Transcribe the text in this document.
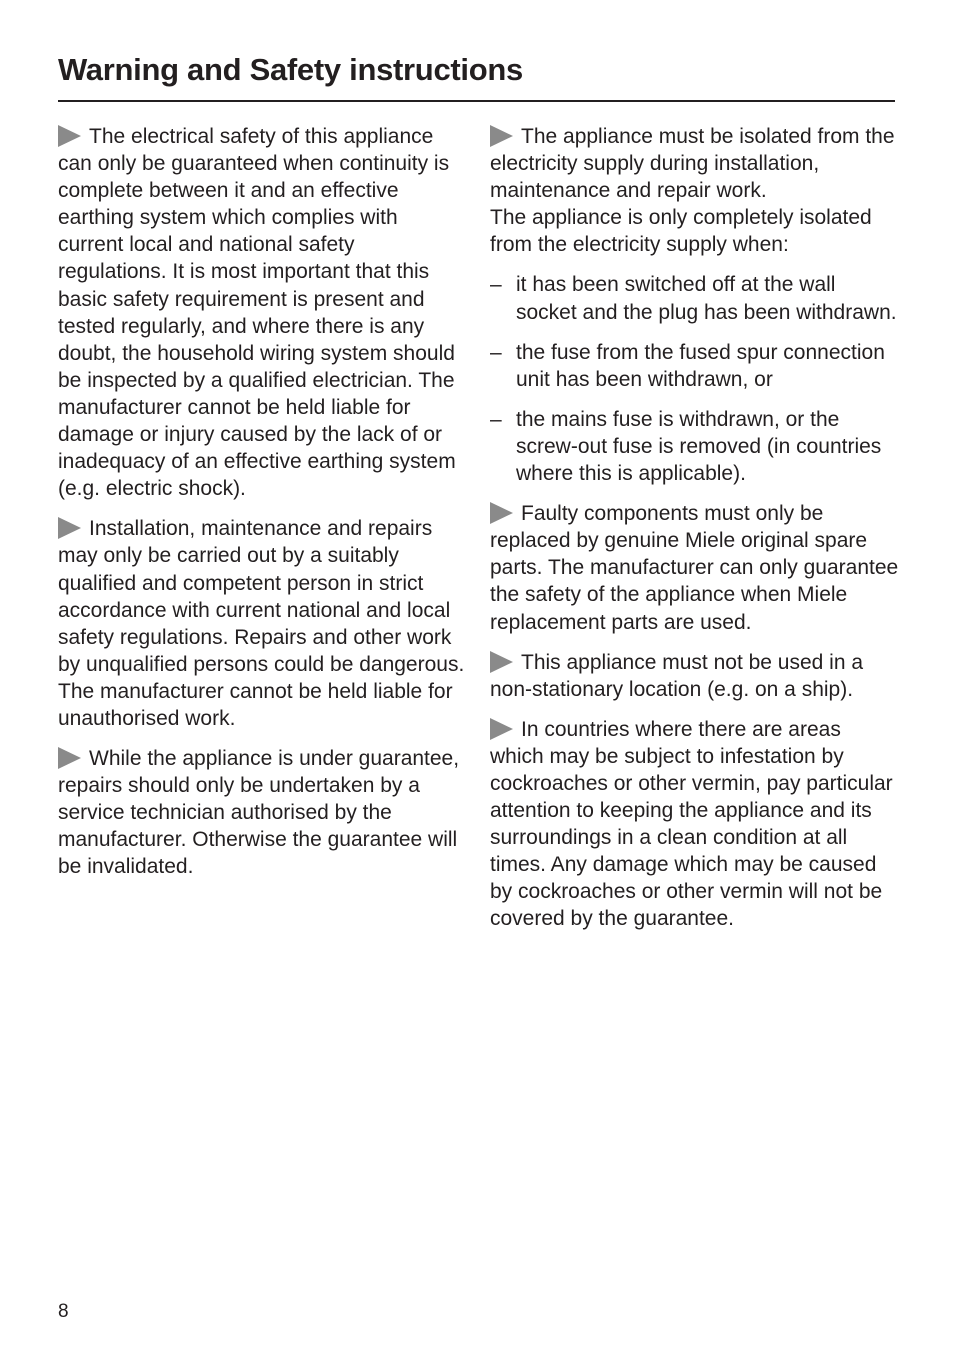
Warning and Safety instructions

The electrical safety of this appliance can only be guaranteed when continuity is complete between it and an effective earthing system which complies with current local and national safety regulations. It is most important that this basic safety requirement is present and tested regularly, and where there is any doubt, the household wiring system should be inspected by a qualified electrician. The manufacturer cannot be held liable for damage or injury caused by the lack of or inadequacy of an effective earthing system (e.g. electric shock).

Installation, maintenance and repairs may only be carried out by a suitably qualified and competent person in strict accordance with current national and local safety regulations. Repairs and other work by unqualified persons could be dangerous. The manufacturer cannot be held liable for unauthorised work.

While the appliance is under guarantee, repairs should only be undertaken by a service technician authorised by the manufacturer. Otherwise the guarantee will be invalidated.

The appliance must be isolated from the electricity supply during installation, maintenance and repair work.
The appliance is only completely isolated from the electricity supply when:

– it has been switched off at the wall socket and the plug has been withdrawn.
– the fuse from the fused spur connection unit has been withdrawn, or
– the mains fuse is withdrawn, or the screw-out fuse is removed (in countries where this is applicable).

Faulty components must only be replaced by genuine Miele original spare parts. The manufacturer can only guarantee the safety of the appliance when Miele replacement parts are used.

This appliance must not be used in a non-stationary location (e.g. on a ship).

In countries where there are areas which may be subject to infestation by cockroaches or other vermin, pay particular attention to keeping the appliance and its surroundings in a clean condition at all times. Any damage which may be caused by cockroaches or other vermin will not be covered by the guarantee.

8
